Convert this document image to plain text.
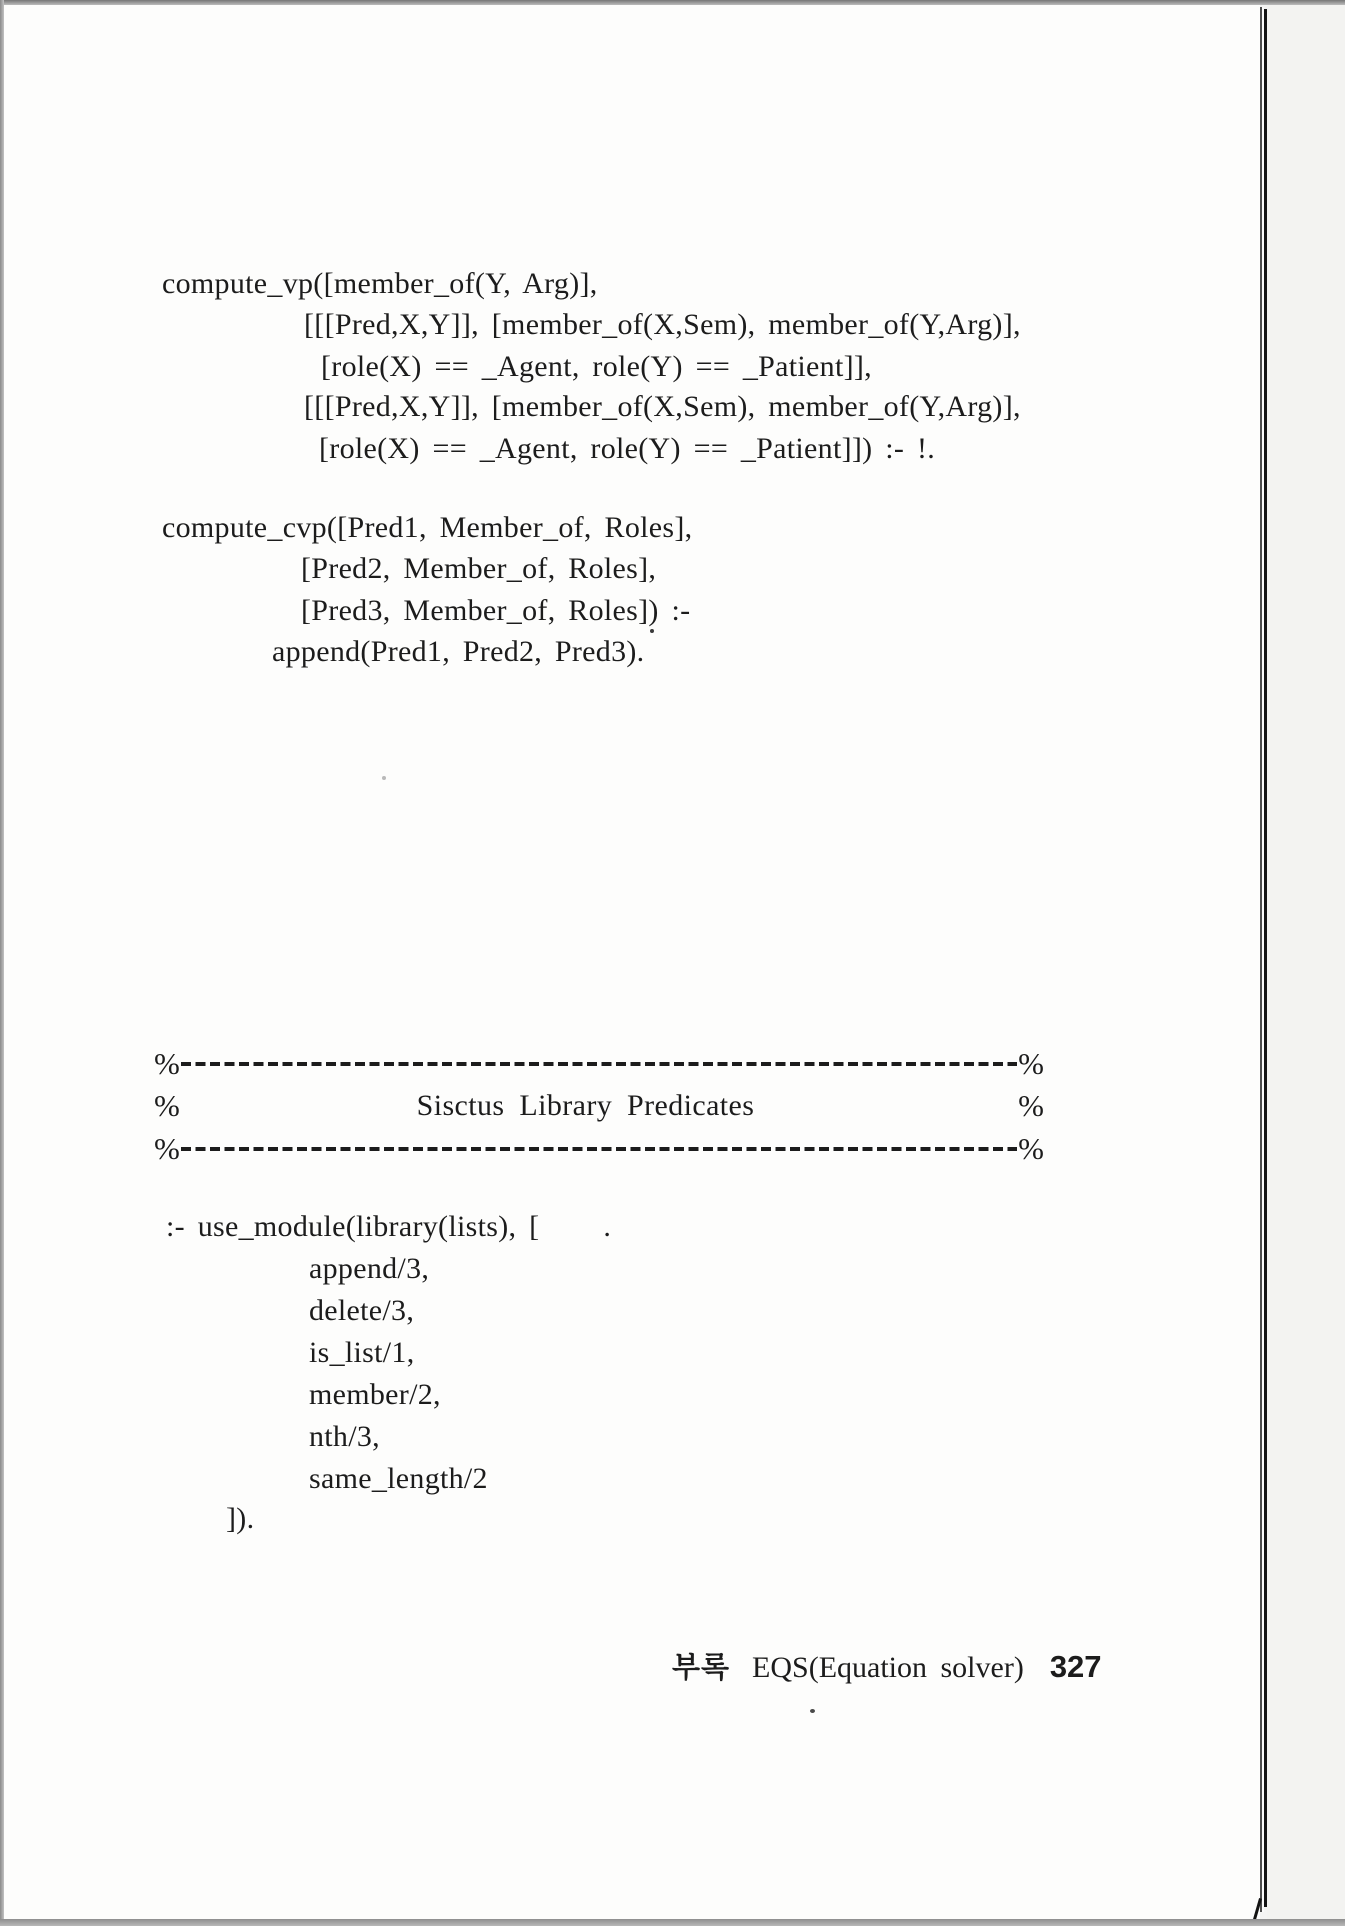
compute_vp([member_of(Y, Arg)],
[[[Pred,X,Y]], [member_of(X,Sem), member_of(Y,Arg)],
[role(X) == _Agent, role(Y) == _Patient]],
[[[Pred,X,Y]], [member_of(X,Sem), member_of(Y,Arg)],
[role(X) == _Agent, role(Y) == _Patient]]) :- !.
compute_cvp([Pred1, Member_of, Roles],
[Pred2, Member_of, Roles],
[Pred3, Member_of, Roles]) :-
append(Pred1, Pred2, Pred3).
%	%
%	Sisctus Library Predicates	%
%	%
:- use_module(library(lists), [     .
append/3,
delete/3,
is_list/1,
member/2,
nth/3,
same_length/2
]).
부록 EQS(Equation solver) 327
